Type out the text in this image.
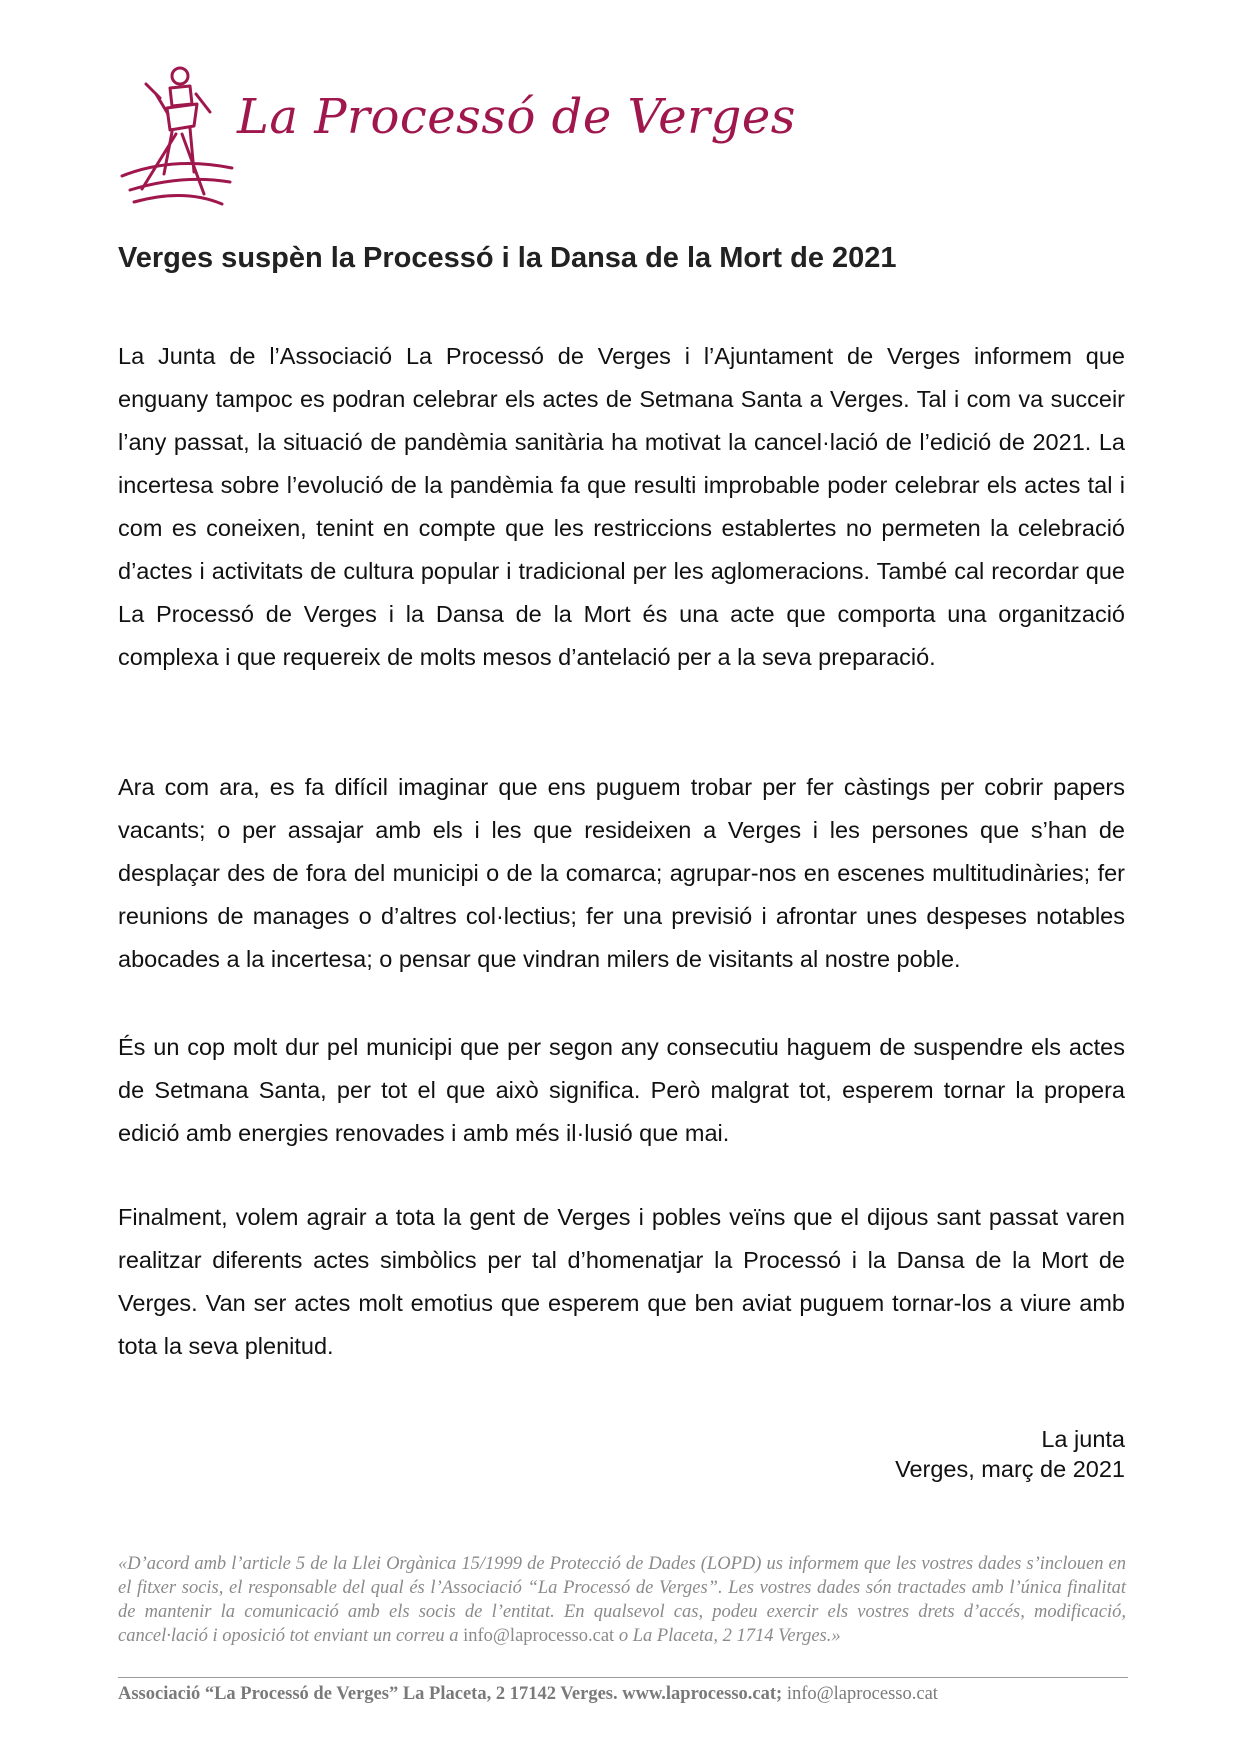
La Processó de Verges
Verges suspèn la Processó i la Dansa de la Mort de 2021

La Junta de l’Associació La Processó de Verges i l’Ajuntament de Verges informem que enguany tampoc es podran celebrar els actes de Setmana Santa a Verges. Tal i com va succeir l’any passat, la situació de pandèmia sanitària ha motivat la cancel·lació de l’edició de 2021. La incertesa sobre l’evolució de la pandèmia fa que resulti improbable poder celebrar els actes tal i com es coneixen, tenint en compte que les restriccions establertes no permeten la celebració d’actes i activitats de cultura popular i tradicional per les aglomeracions. També cal recordar que La Processó de Verges i la Dansa de la Mort és una acte que comporta una organització complexa i que requereix de molts mesos d’antelació per a la seva preparació.

Ara com ara, es fa difícil imaginar que ens puguem trobar per fer càstings per cobrir papers vacants; o per assajar amb els i les que resideixen a Verges i les persones que s’han de desplaçar des de fora del municipi o de la comarca; agrupar-nos en escenes multitudinàries; fer reunions de manages o d’altres col·lectius; fer una previsió i afrontar unes despeses notables abocades a la incertesa; o pensar que vindran milers de visitants al nostre poble.

És un cop molt dur pel municipi que per segon any consecutiu haguem de suspendre els actes de Setmana Santa, per tot el que això significa. Però malgrat tot, esperem tornar la propera edició amb energies renovades i amb més il·lusió que mai.

Finalment, volem agrair a tota la gent de Verges i pobles veïns que el dijous sant passat varen realitzar diferents actes simbòlics per tal d’homenatjar la Processó i la Dansa de la Mort de Verges. Van ser actes molt emotius que esperem que ben aviat puguem tornar-los a viure amb tota la seva plenitud.

La junta
Verges, març de 2021

«D’acord amb l’article 5 de la Llei Orgànica 15/1999 de Protecció de Dades (LOPD) us informem que les vostres dades s’inclouen en el fitxer socis, el responsable del qual és l’Associació “La Processó de Verges”. Les vostres dades són tractades amb l’única finalitat de mantenir la comunicació amb els socis de l’entitat. En qualsevol cas, podeu exercir els vostres drets d’accés, modificació, cancel·lació i oposició tot enviant un correu a info@laprocesso.cat o La Placeta, 2 1714 Verges.»

Associació “La Processó de Verges” La Placeta, 2 17142 Verges. www.laprocesso.cat; info@laprocesso.cat
